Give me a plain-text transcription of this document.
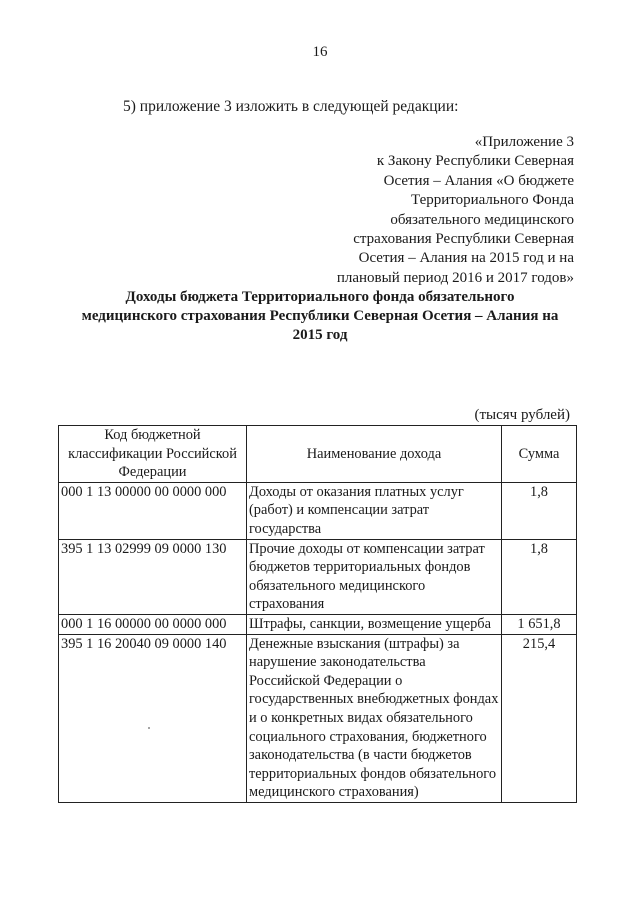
16
5) приложение 3 изложить в следующей редакции:
«Приложение 3
к Закону Республики Северная
Осетия – Алания «О бюджете
Территориального Фонда
обязательного медицинского
страхования Республики Северная
Осетия – Алания на 2015 год и на
плановый период 2016 и 2017 годов»
Доходы бюджета Территориального фонда обязательного
медицинского страхования Республики Северная Осетия – Алания на
2015 год
(тысяч рублей)
Код бюджетной классификации Российской Федерации	Наименование дохода	Сумма
000 1 13 00000 00 0000 000	Доходы от оказания платных услуг (работ) и компенсации затрат государства	1,8
395 1 13 02999 09 0000 130	Прочие доходы от компенсации затрат бюджетов территориальных фондов обязательного медицинского страхования	1,8
000 1 16 00000 00 0000 000	Штрафы, санкции, возмещение ущерба	1 651,8
395 1 16 20040 09 0000 140	Денежные взыскания (штрафы) за нарушение законодательства Российской Федерации о государственных внебюджетных фондах и о конкретных видах обязательного социального страхования, бюджетного законодательства (в части бюджетов территориальных фондов обязательного медицинского страхования)	215,4
